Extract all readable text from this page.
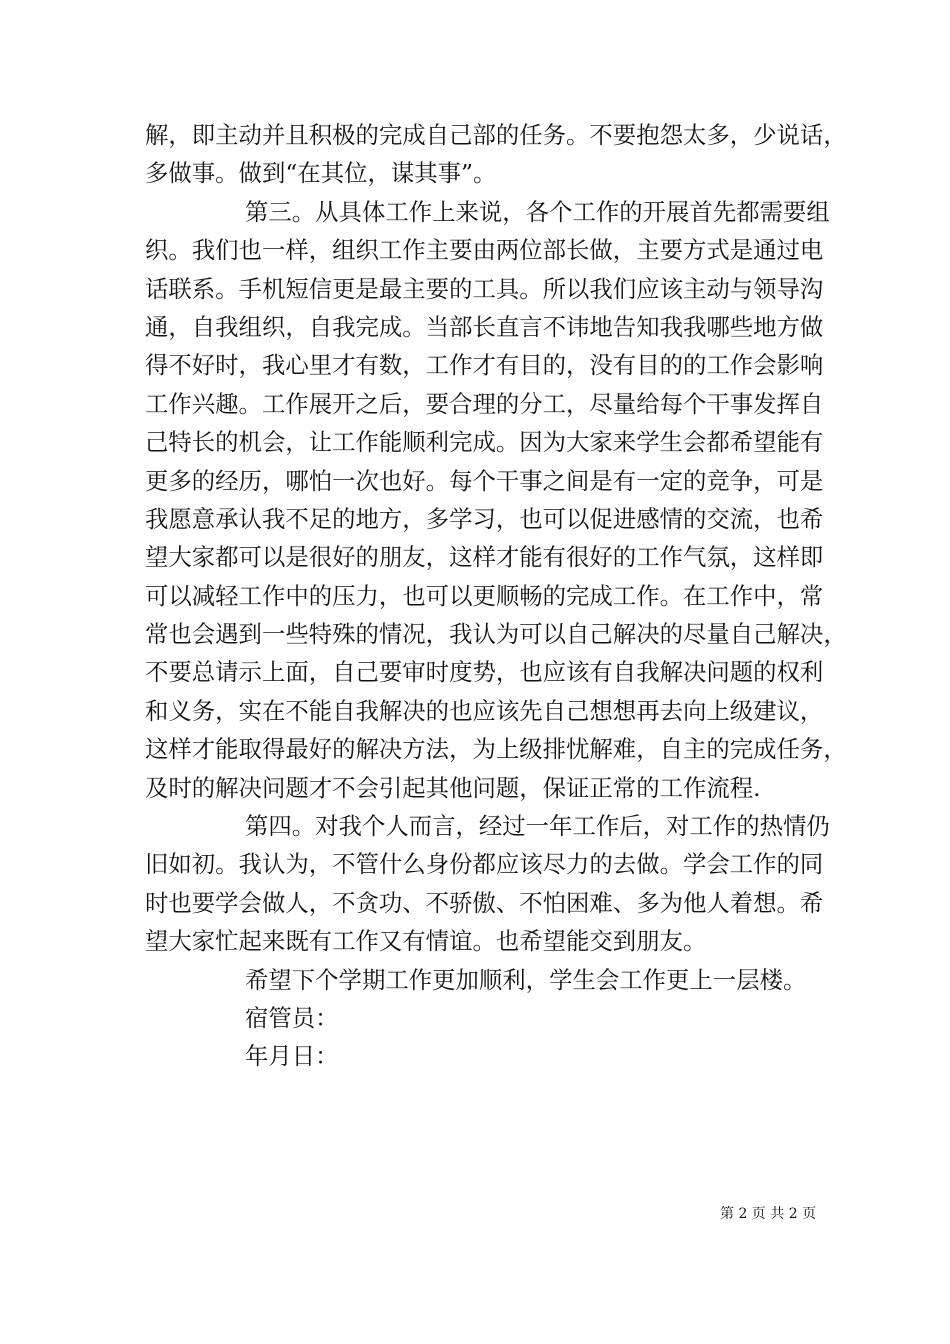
解，即主动并且积极的完成自己部的任务。不要抱怨太多，少说话，
多做事。做到“在其位，谋其事”。
第三。从具体工作上来说，各个工作的开展首先都需要组
织。我们也一样，组织工作主要由两位部长做，主要方式是通过电
话联系。手机短信更是最主要的工具。所以我们应该主动与领导沟
通，自我组织，自我完成。当部长直言不讳地告知我我哪些地方做
得不好时，我心里才有数，工作才有目的，没有目的的工作会影响
工作兴趣。工作展开之后，要合理的分工，尽量给每个干事发挥自
己特长的机会，让工作能顺利完成。因为大家来学生会都希望能有
更多的经历，哪怕一次也好。每个干事之间是有一定的竞争，可是
我愿意承认我不足的地方，多学习，也可以促进感情的交流，也希
望大家都可以是很好的朋友，这样才能有很好的工作气氛，这样即
可以减轻工作中的压力，也可以更顺畅的完成工作。在工作中，常
常也会遇到一些特殊的情况，我认为可以自己解决的尽量自己解决，
不要总请示上面，自己要审时度势，也应该有自我解决问题的权利
和义务，实在不能自我解决的也应该先自己想想再去向上级建议，
这样才能取得最好的解决方法，为上级排忧解难，自主的完成任务，
及时的解决问题才不会引起其他问题，保证正常的工作流程.
第四。对我个人而言，经过一年工作后，对工作的热情仍
旧如初。我认为，不管什么身份都应该尽力的去做。学会工作的同
时也要学会做人，不贪功、不骄傲、不怕困难、多为他人着想。希
望大家忙起来既有工作又有情谊。也希望能交到朋友。
希望下个学期工作更加顺利，学生会工作更上一层楼。
宿管员：
年月日：
第 2 页 共 2 页
